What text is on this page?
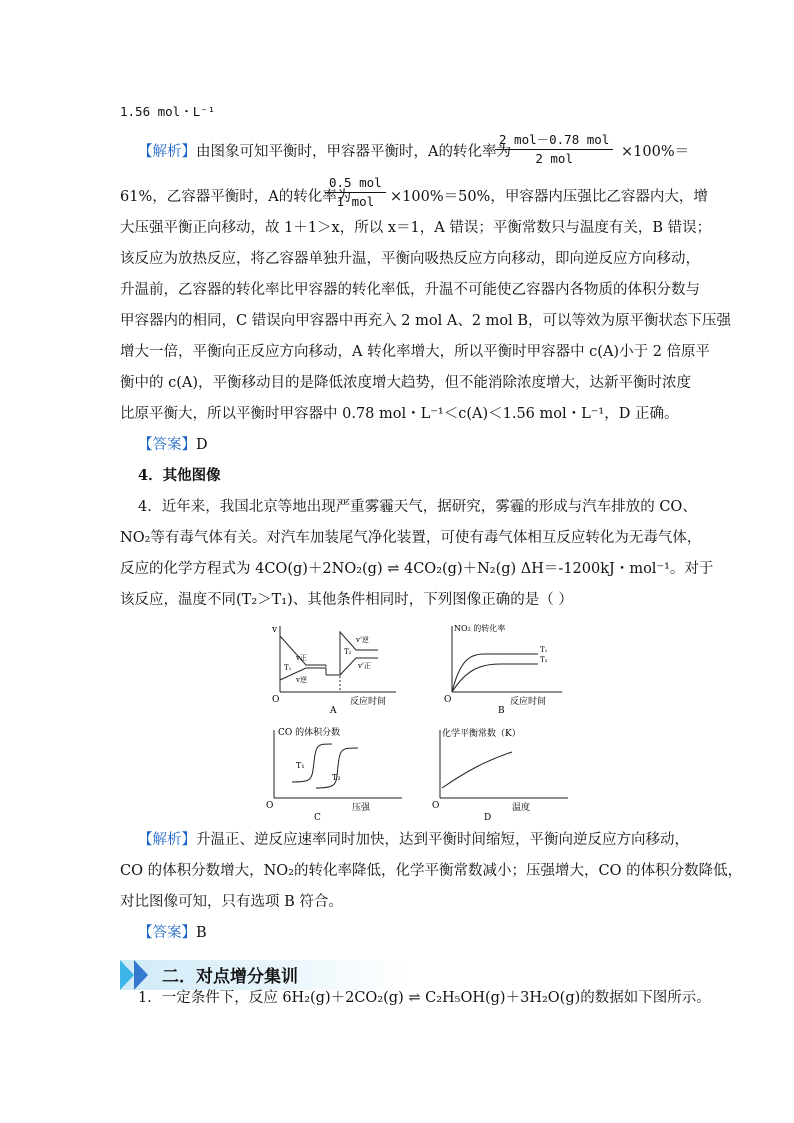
1.56 mol・L⁻¹
【解析】由图象可知平衡时，甲容器平衡时，A的转化率为
2 mol－0.78 mol
2 mol	×100%＝
61%，乙容器平衡时，A的转化率为
0.5 mol
1 mol	×100%＝50%，甲容器内压强比乙容器内大，增
大压强平衡正向移动，故 1＋1＞x，所以 x＝1，A 错误；平衡常数只与温度有关，B 错误；
该反应为放热反应，将乙容器单独升温，平衡向吸热反应方向移动，即向逆反应方向移动，
升温前，乙容器的转化率比甲容器的转化率低，升温不可能使乙容器内各物质的体积分数与
甲容器内的相同，C 错误向甲容器中再充入 2 mol A、2 mol B，可以等效为原平衡状态下压强
增大一倍，平衡向正反应方向移动，A 转化率增大，所以平衡时甲容器中 c(A)小于 2 倍原平
衡中的 c(A)，平衡移动目的是降低浓度增大趋势，但不能消除浓度增大，达新平衡时浓度
比原平衡大，所以平衡时甲容器中 0.78 mol・L⁻¹＜c(A)＜1.56 mol・L⁻¹，D 正确。
【答案】D
4．其他图像
4．近年来，我国北京等地出现严重雾霾天气，据研究，雾霾的形成与汽车排放的 CO、
NO₂等有毒气体有关。对汽车加装尾气净化装置，可使有毒气体相互反应转化为无毒气体，
反应的化学方程式为 4CO(g)＋2NO₂(g) ⇌ 4CO₂(g)＋N₂(g) ΔH＝-1200kJ・mol⁻¹。对于
该反应，温度不同(T₂＞T₁)、其他条件相同时，下列图像正确的是（ ）
v
O	反应时间
v正
v逆
T₁
v'逆
T₂
v'正
A
NO₂ 的转化率
T₁
T₂
O	反应时间
B
CO 的体积分数
T₁
T₂
O	压强
C
化学平衡常数（K）
O	温度
D
【解析】升温正、逆反应速率同时加快，达到平衡时间缩短，平衡向逆反应方向移动，
CO 的体积分数增大，NO₂的转化率降低，化学平衡常数减小；压强增大，CO 的体积分数降低，
对比图像可知，只有选项 B 符合。
【答案】B
二．对点增分集训
1．一定条件下，反应 6H₂(g)＋2CO₂(g) ⇌ C₂H₅OH(g)＋3H₂O(g)的数据如下图所示。
